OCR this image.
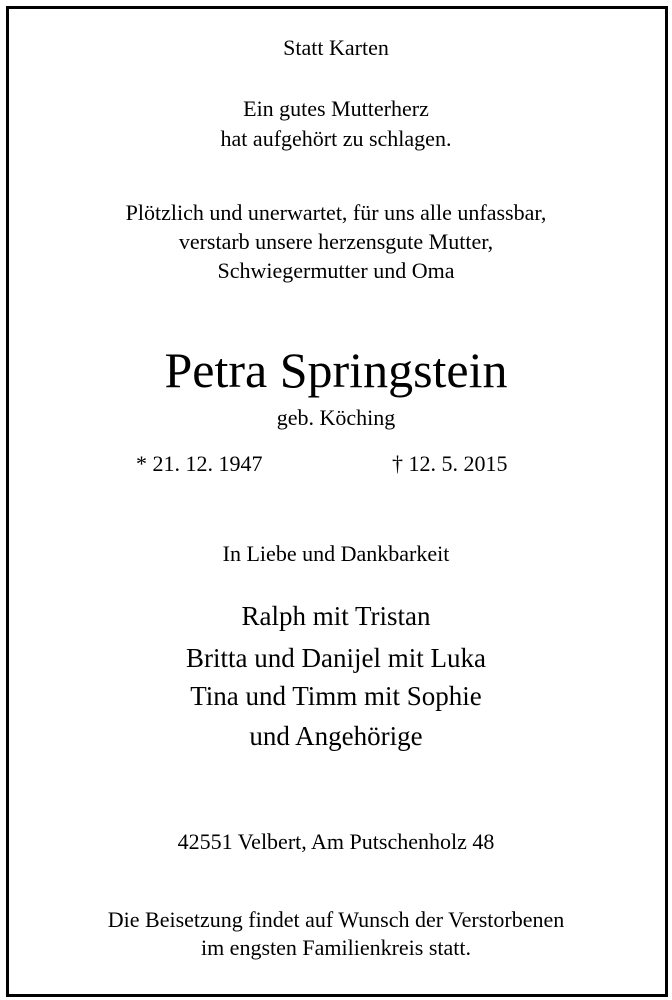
Statt Karten
Ein gutes Mutterherz
hat aufgehört zu schlagen.
Plötzlich und unerwartet, für uns alle unfassbar,
verstarb unsere herzensgute Mutter,
Schwiegermutter und Oma
Petra Springstein
geb. Köching
* 21. 12. 1947	† 12. 5. 2015
In Liebe und Dankbarkeit
Ralph mit Tristan
Britta und Danijel mit Luka
Tina und Timm mit Sophie
und Angehörige
42551 Velbert, Am Putschenholz 48
Die Beisetzung findet auf Wunsch der Verstorbenen
im engsten Familienkreis statt.
